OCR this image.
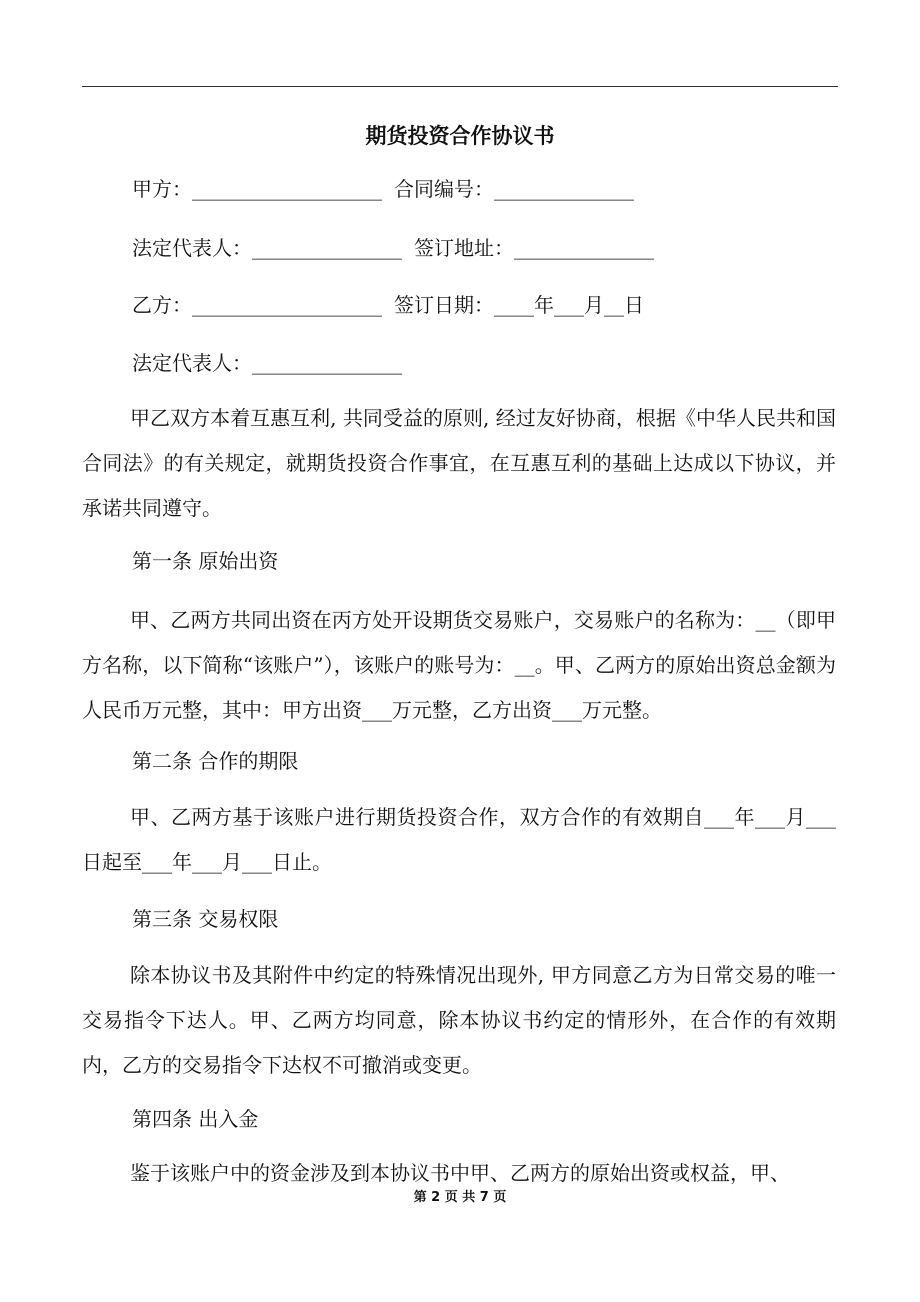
期货投资合作协议书
甲方：___________________ 合同编号：______________
法定代表人：_______________ 签订地址：______________
乙方：___________________ 签订日期：____年___月__日
法定代表人：_______________

甲乙双方本着互惠互利, 共同受益的原则, 经过友好协商，根据《中华人民共和国合同法》的有关规定，就期货投资合作事宜，在互惠互利的基础上达成以下协议，并承诺共同遵守。

第一条 原始出资

甲、乙两方共同出资在丙方处开设期货交易账户，交易账户的名称为：__（即甲方名称，以下简称“该账户”），该账户的账号为：__。甲、乙两方的原始出资总金额为人民币万元整，其中：甲方出资___万元整，乙方出资___万元整。

第二条 合作的期限

甲、乙两方基于该账户进行期货投资合作，双方合作的有效期自___年___月___日起至___年___月___日止。

第三条 交易权限

除本协议书及其附件中约定的特殊情况出现外, 甲方同意乙方为日常交易的唯一交易指令下达人。甲、乙两方均同意，除本协议书约定的情形外，在合作的有效期内，乙方的交易指令下达权不可撤消或变更。

第四条 出入金

鉴于该账户中的资金涉及到本协议书中甲、乙两方的原始出资或权益，甲、

第 2 页 共 7 页
